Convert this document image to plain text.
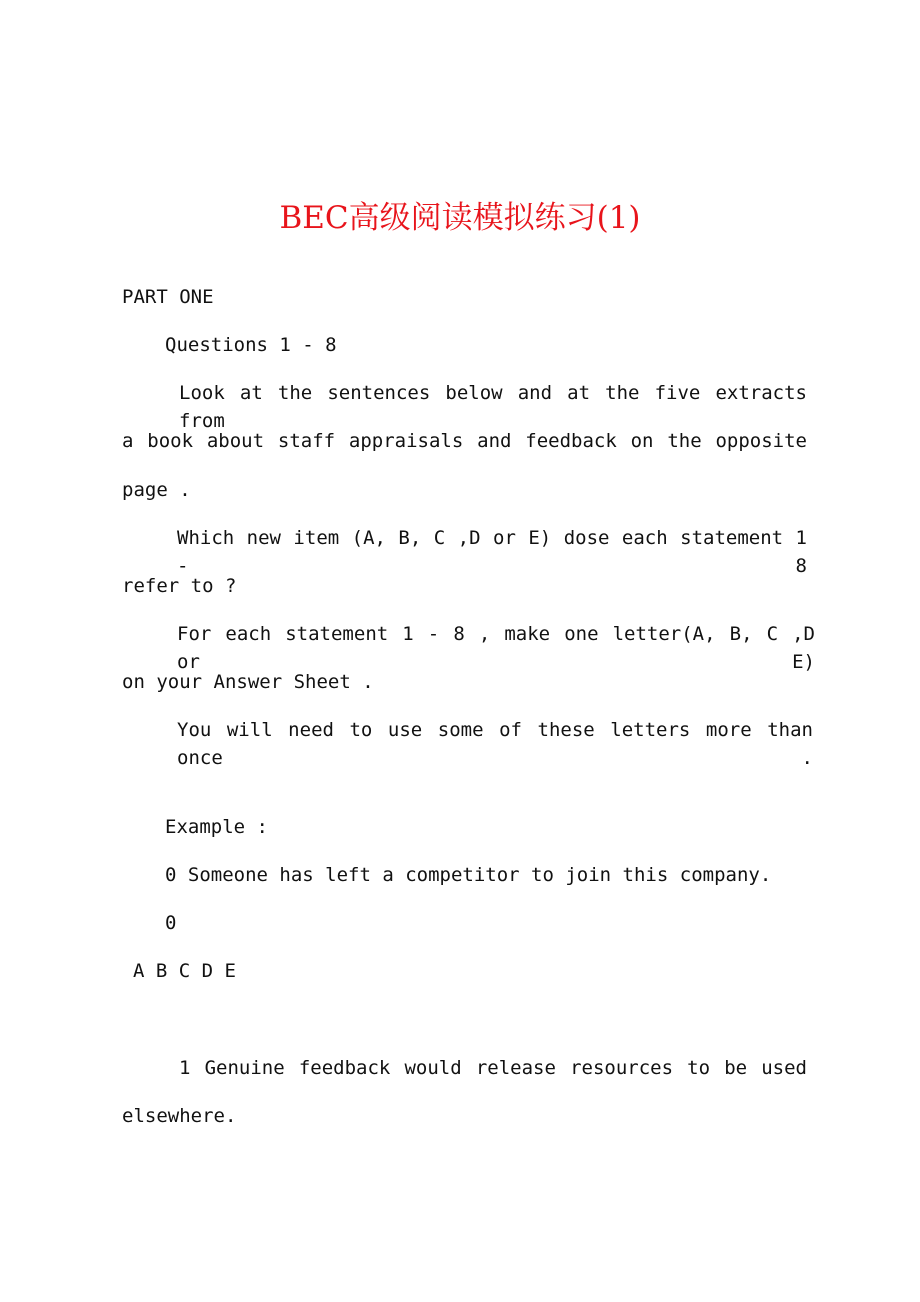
BEC高级阅读模拟练习(1)
PART ONE
Questions 1 - 8
Look at the sentences below and at the five extracts from
a book about staff appraisals and feedback on the opposite
page .
Which new item (A, B, C ,D or E) dose each statement 1 - 8
refer to ?
For each statement 1 - 8 , make one letter(A, B, C ,D or E)
on your Answer Sheet .
You will need to use some of these letters more than once .
Example :
0 Someone has left a competitor to join this company.
0
A B C D E
1 Genuine feedback would release resources to be used
elsewhere.
